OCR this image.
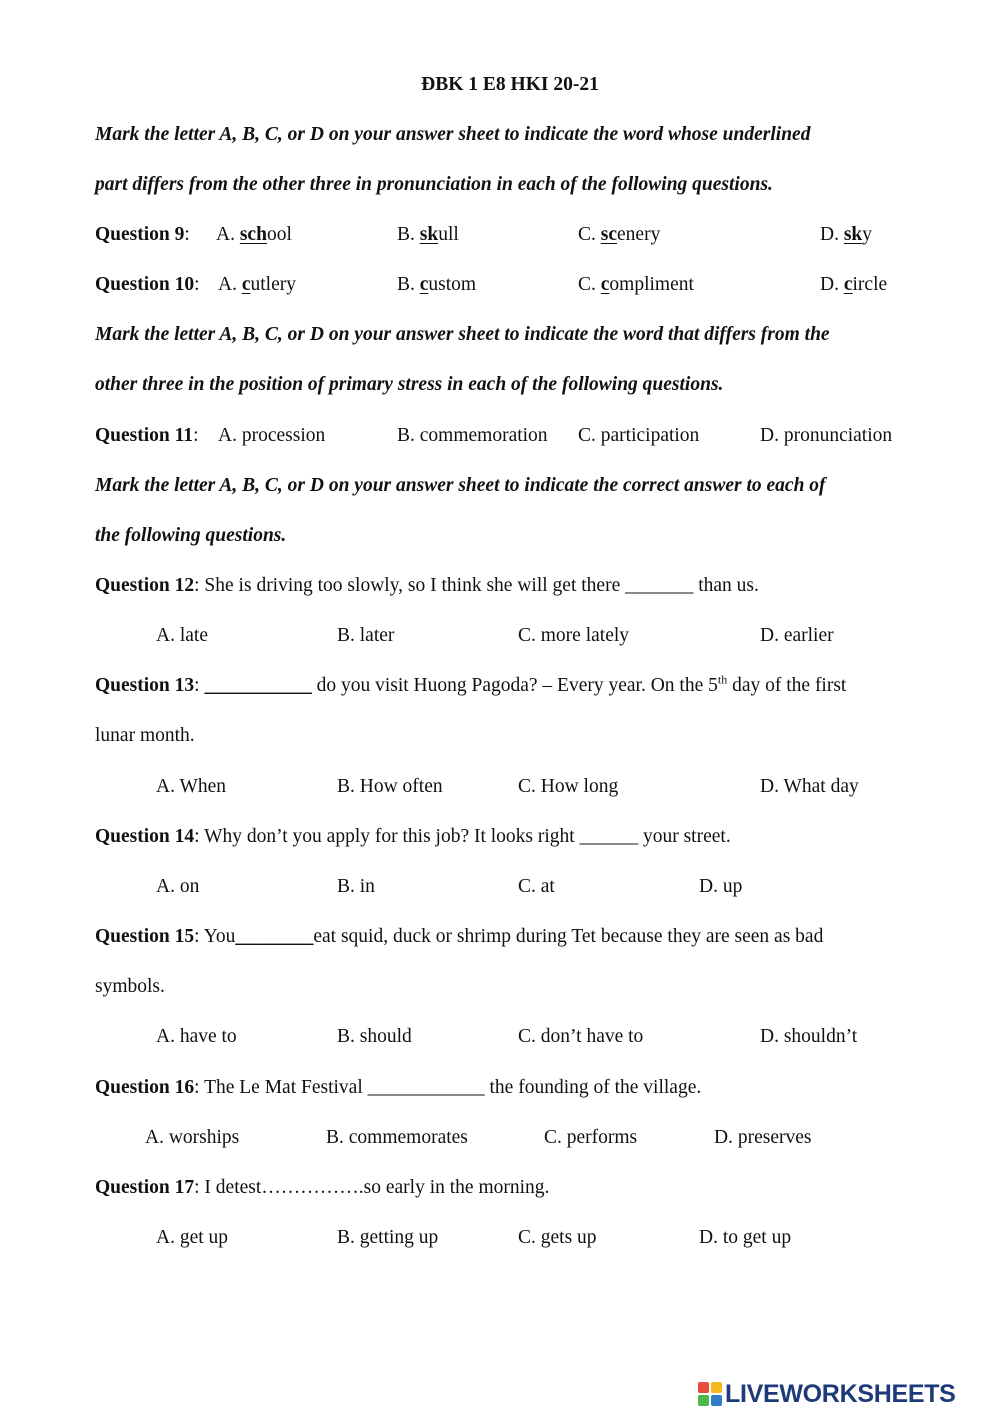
ĐBK 1 E8 HKI 20-21
Mark the letter A, B, C, or D on your answer sheet to indicate the word whose underlined
part differs from the other three in pronunciation in each of the following questions.
Question 9: A. school	B. skull	C. scenery	D. sky
Question 10: A. cutlery	B. custom	C. compliment	D. circle
Mark the letter A, B, C, or D on your answer sheet to indicate the word that differs from the
other three in the position of primary stress in each of the following questions.
Question 11: A. procession	B. commemoration C. participation	D. pronunciation
Mark the letter A, B, C, or D on your answer sheet to indicate the correct answer to each of
the following questions.
Question 12: She is driving too slowly, so I think she will get there _______ than us.
A. late	B. later	C. more lately	D. earlier
Question 13: ___________ do you visit Huong Pagoda? – Every year. On the 5th day of the first
lunar month.
A. When	B. How often	C. How long	D. What day
Question 14: Why don’t you apply for this job? It looks right ______ your street.
A. on	B. in	C. at	D. up
Question 15: You________eat squid, duck or shrimp during Tet because they are seen as bad
symbols.
A. have to	B. should	C. don’t have to	D. shouldn’t
Question 16: The Le Mat Festival ____________ the founding of the village.
A. worships	B. commemorates	C. performs	D. preserves
Question 17: I detest…………….so early in the morning.
A. get up	B. getting up	C. gets up	D. to get up
LIVEWORKSHEETS
